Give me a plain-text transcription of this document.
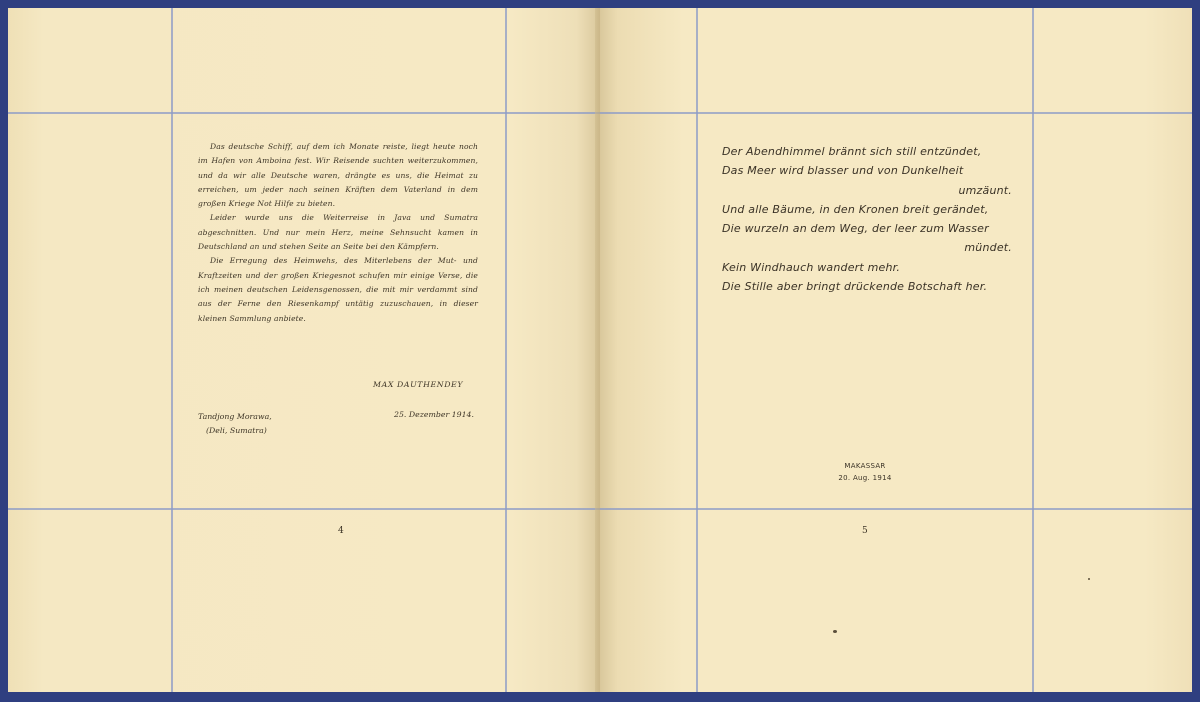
Das deutsche Schiff, auf dem ich Monate reiste, liegt heute noch im Hafen von Amboina fest. Wir Reisende suchten weiterzukommen, und da wir alle Deutsche waren, drängte es uns, die Heimat zu erreichen, um jeder nach seinen Kräften dem Vaterland in dem großen Kriege Not Hilfe zu bieten.

Leider wurde uns die Weiterreise in Java und Sumatra abgeschnitten. Und nur mein Herz, meine Sehnsucht kamen in Deutschland an und stehen Seite an Seite bei den Kämpfern.

Die Erregung des Heimwehs, des Miterlebens der Mut- und Kraftzeiten und der großen Kriegesnot schufen mir einige Verse, die ich meinen deutschen Leidensgenossen, die mit mir verdammt sind aus der Ferne den Riesenkampf untätig zuzuschauen, in dieser kleinen Sammlung anbiete.

MAX DAUTHENDEY
Tandjong Morawa,
(Deli, Sumatra)
25. Dezember 1914.
4
Der Abendhimmel brännt sich still entzündet,
Das Meer wird blasser und von Dunkelheit
umzäunt.
Und alle Bäume, in den Kronen breit gerändet,
Die wurzeln an dem Weg, der leer zum Wasser
mündet.
Kein Windhauch wandert mehr.
Die Stille aber bringt drückende Botschaft her.
MAKASSAR
20. Aug. 1914
5
